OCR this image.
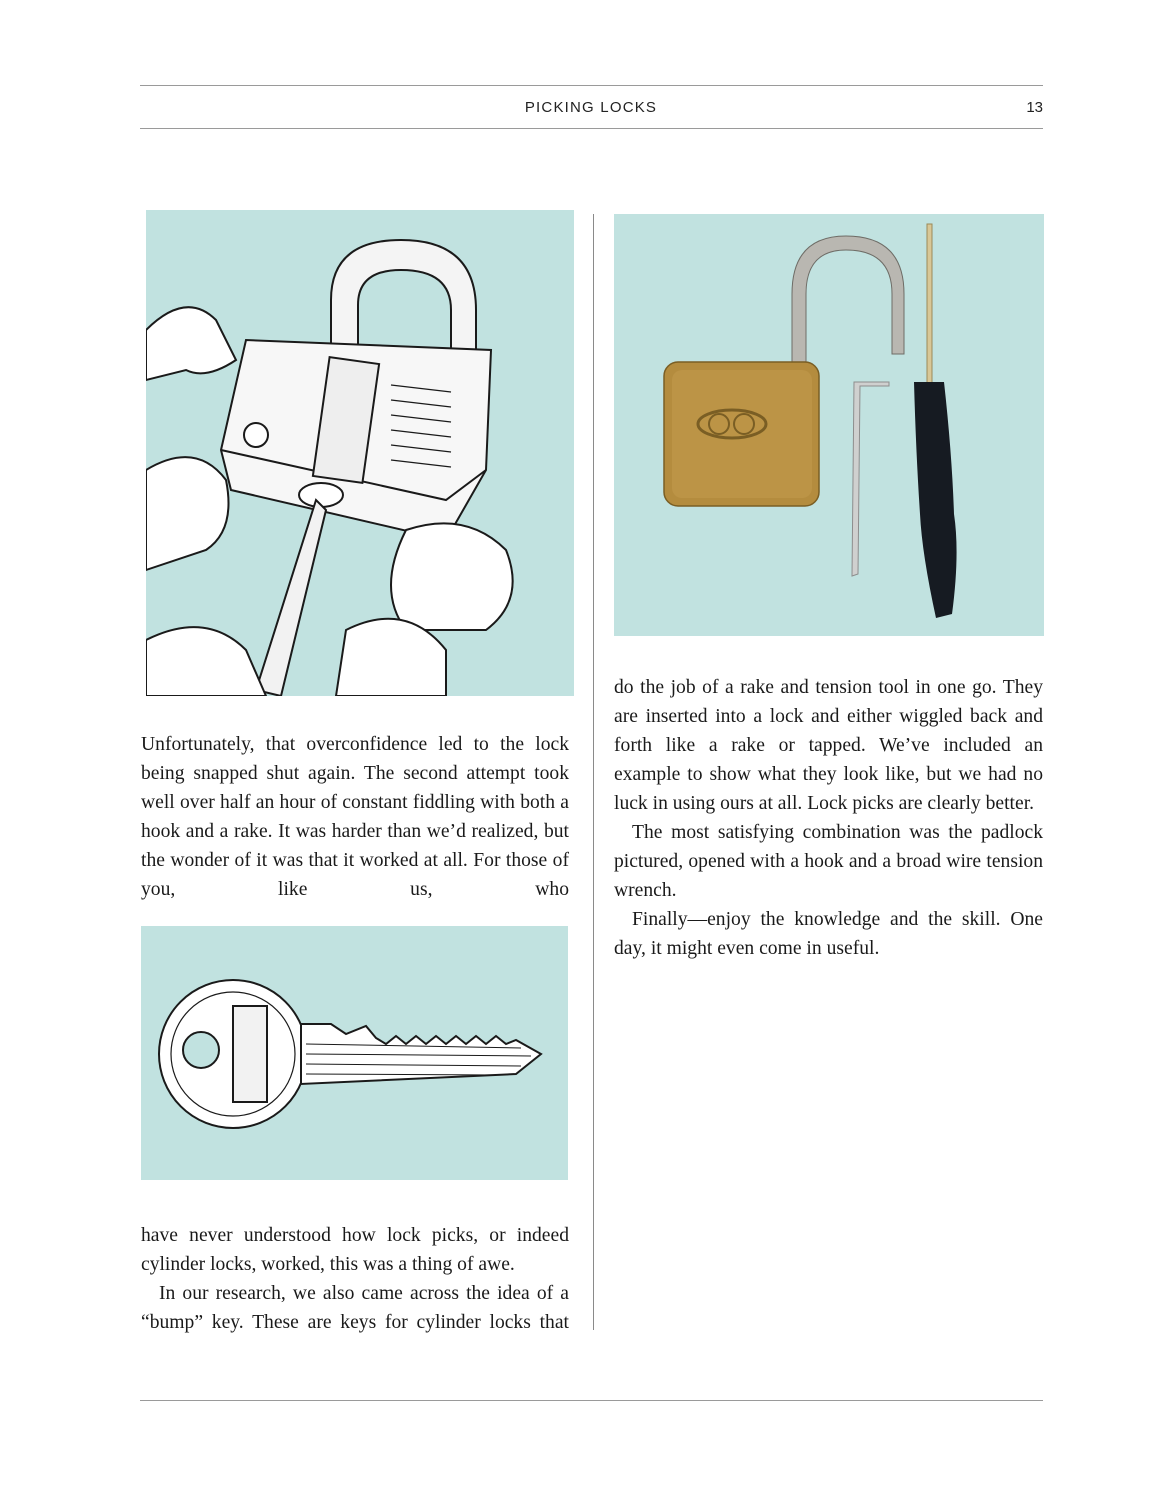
PICKING LOCKS	13

Unfortunately, that overconfidence led to the lock being snapped shut again. The second attempt took well over half an hour of constant fiddling with both a hook and a rake. It was harder than we’d realized, but the wonder of it was that it worked at all. For those of you, like us, who

have never understood how lock picks, or indeed cylinder locks, worked, this was a thing of awe.

In our research, we also came across the idea of a “bump” key. These are keys for cylinder locks that

do the job of a rake and tension tool in one go. They are inserted into a lock and either wiggled back and forth like a rake or tapped. We’ve included an example to show what they look like, but we had no luck in using ours at all. Lock picks are clearly better.

The most satisfying combination was the padlock pictured, opened with a hook and a broad wire tension wrench.

Finally—enjoy the knowledge and the skill. One day, it might even come in useful.
